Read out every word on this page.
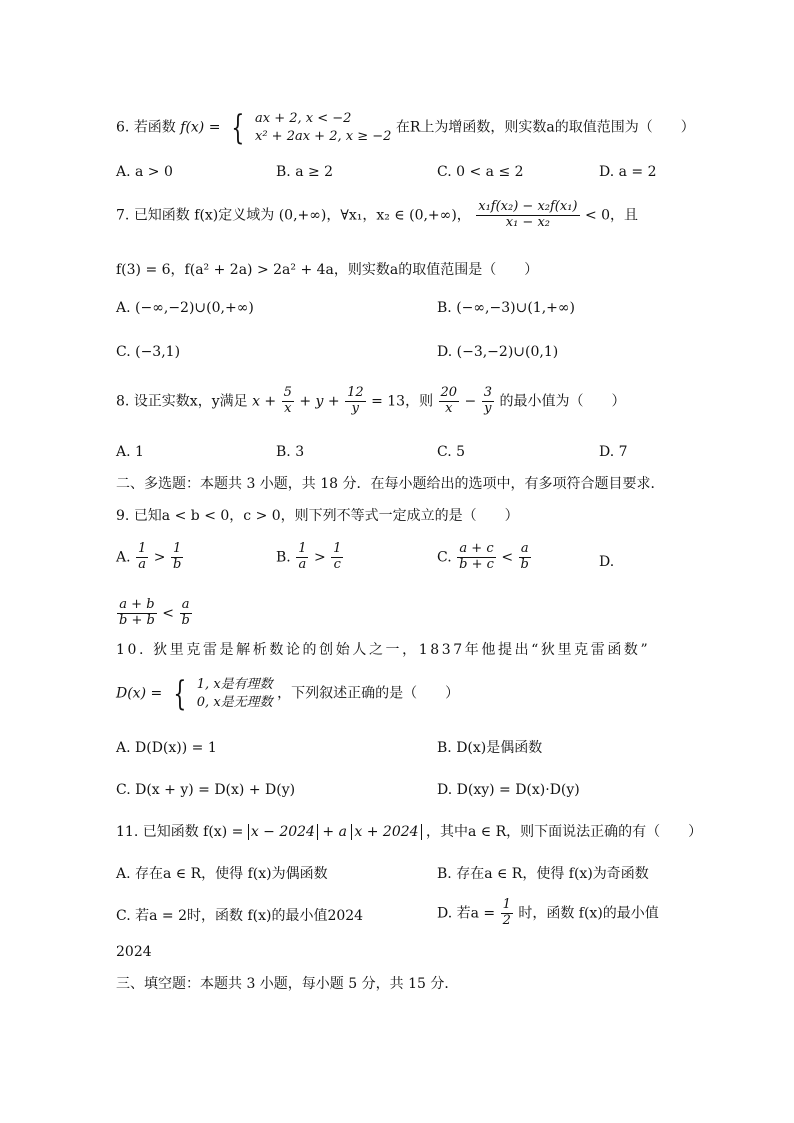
6. 若函数 f(x) = { ax + 2, x < −2
x² + 2ax + 2, x ≥ −2
在R上为增函数，则实数a的取值范围为（　　）
A. a > 0	B. a ≥ 2	C. 0 < a ≤ 2	D. a = 2
7. 已知函数 f(x)定义域为 (0,+∞)，∀x₁，x₂ ∈ (0,+∞)， $\frac{\text{x₁f(x₂) − x₂f(x₁)}}{\text{x₁ − x₂}} < 0$，且
f(3) = 6，f(a² + 2a) > 2a² + 4a，则实数a的取值范围是（　　）
A. (−∞,−2)∪(0,+∞)	B. (−∞,−3)∪(1,+∞)
C. (−3,1)	D. (−3,−2)∪(0,1)
8. 设正实数x，y满足 $x + \frac{5}{x} + y + \frac{12}{y} = 13$，则 $\frac{20}{x} - \frac{3}{y}$ 的最小值为（　　）
A. 1	B. 3	C. 5	D. 7
二、多选题：本题共 3 小题，共 18 分．在每小题给出的选项中，有多项符合题目要求．
9. 已知a < b < 0，c > 0，则下列不等式一定成立的是（　　）
A. $\frac{1}{a} > \frac{1}{b}$	B. $\frac{1}{a} > \frac{1}{c}$	C. $\frac{a + c}{b + c} < \frac{a}{b}$	D.
$\frac{a + b}{b + b} < \frac{a}{b}$
10. 狄里克雷是解析数论的创始人之一，1837年他提出“狄里克雷函数”
D(x) = { 1, x是有理数
0, x是无理数
，下列叙述正确的是（　　）
A. D(D(x)) = 1	B. D(x)是偶函数
C. D(x + y) = D(x) + D(y)	D. D(xy) = D(x)·D(y)
11. 已知函数 f(x) = x − 2024 + a x + 2024 ，其中a ∈ R，则下面说法正确的有（　　）
A. 存在a ∈ R，使得 f(x)为偶函数	B. 存在a ∈ R，使得 f(x)为奇函数
C. 若a = 2时，函数 f(x)的最小值2024	D. 若$a = \frac{1}{2}$ 时，函数 f(x)的最小值
2024
三、填空题：本题共 3 小题，每小题 5 分，共 15 分．
